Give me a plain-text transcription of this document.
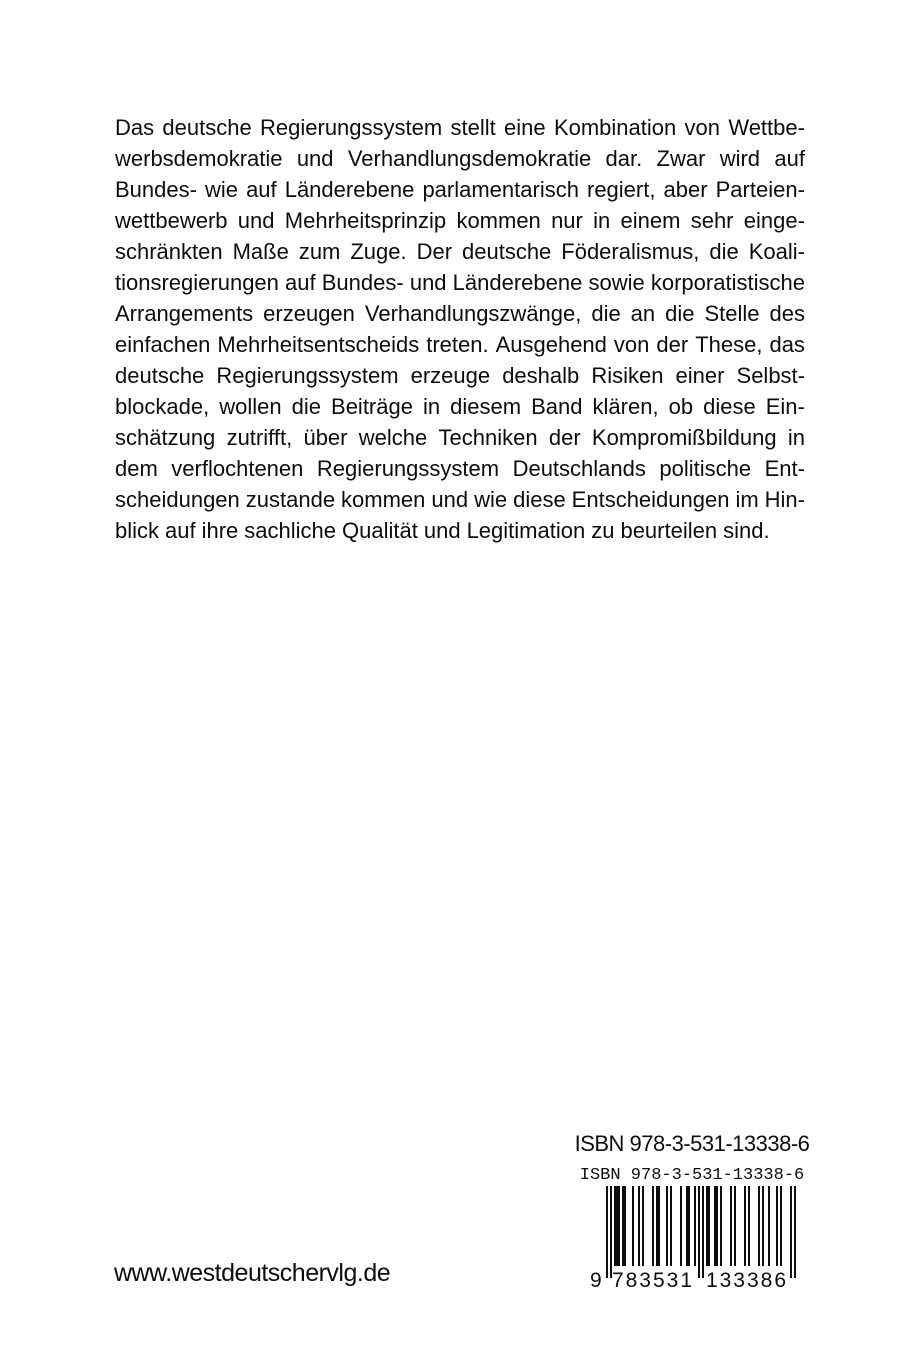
Das deutsche Regierungssystem stellt eine Kombination von Wettbe-
werbsdemokratie und Verhandlungsdemokratie dar. Zwar wird auf
Bundes- wie auf Länderebene parlamentarisch regiert, aber Parteien-
wettbewerb und Mehrheitsprinzip kommen nur in einem sehr einge-
schränkten Maße zum Zuge. Der deutsche Föderalismus, die Koali-
tionsregierungen auf Bundes- und Länderebene sowie korporatistische
Arrangements erzeugen Verhandlungszwänge, die an die Stelle des
einfachen Mehrheitsentscheids treten. Ausgehend von der These, das
deutsche Regierungssystem erzeuge deshalb Risiken einer Selbst-
blockade, wollen die Beiträge in diesem Band klären, ob diese Ein-
schätzung zutrifft, über welche Techniken der Kompromißbildung in
dem verflochtenen Regierungssystem Deutschlands politische Ent-
scheidungen zustande kommen und wie diese Entscheidungen im Hin-
blick auf ihre sachliche Qualität und Legitimation zu beurteilen sind.
ISBN 978-3-531-13338-6
ISBN 978-3-531-13338-6
9 783531 133386
www.westdeutschervlg.de
